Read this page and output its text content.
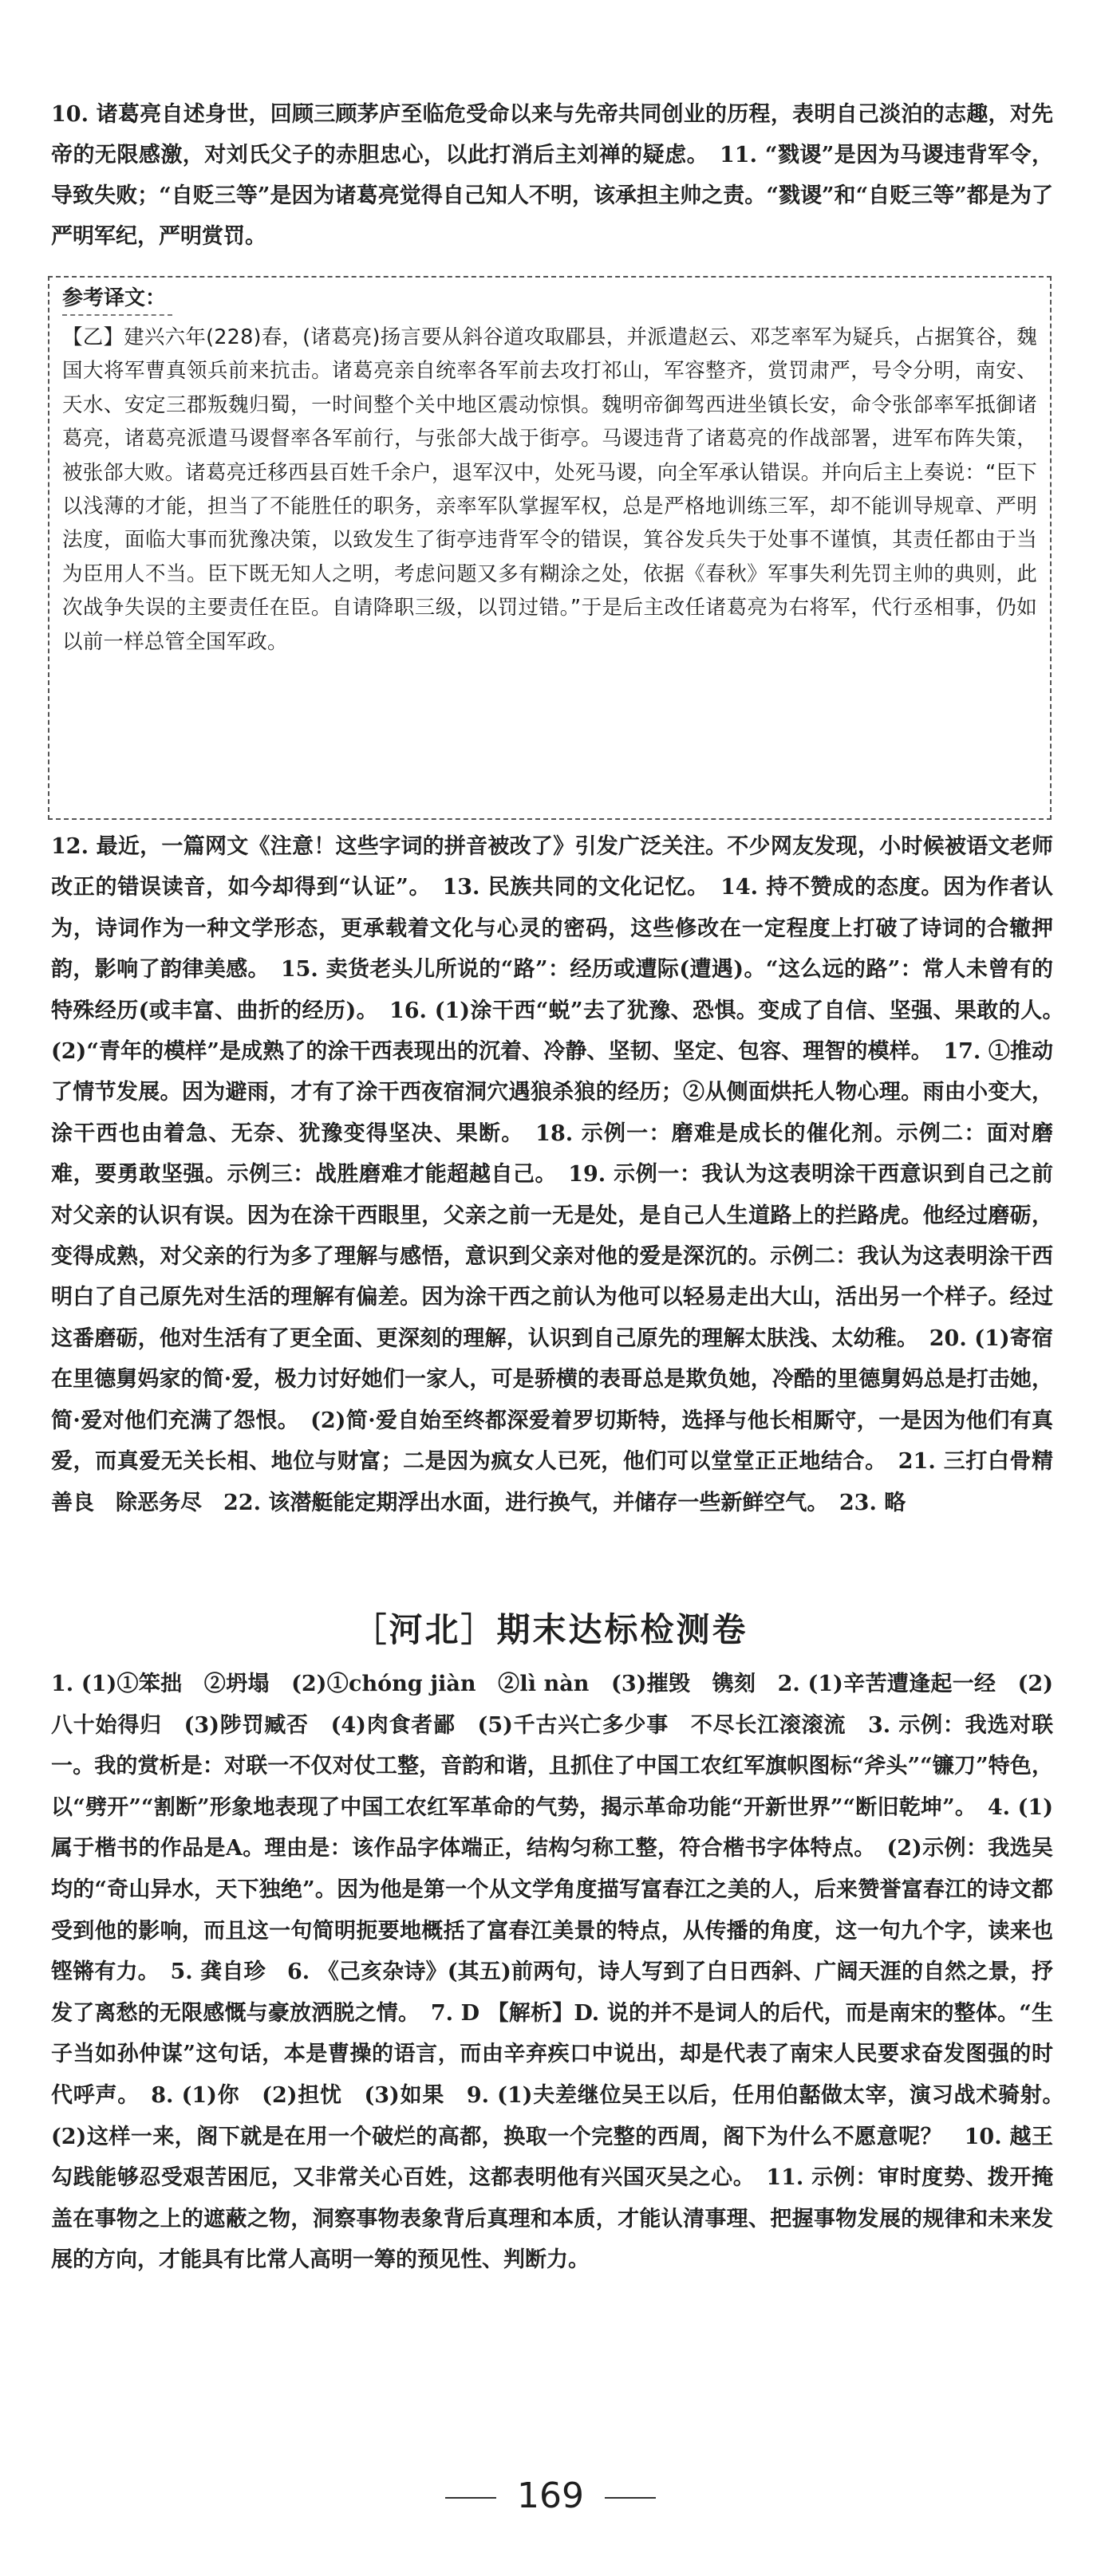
10. 诸葛亮自述身世，回顾三顾茅庐至临危受命以来与先帝共同创业的历程，表明自己淡泊的志趣，对先帝的无限感激，对刘氏父子的赤胆忠心，以此打消后主刘禅的疑虑。　11. “戮谡”是因为马谡违背军令，导致失败；“自贬三等”是因为诸葛亮觉得自己知人不明，该承担主帅之责。“戮谡”和“自贬三等”都是为了严明军纪，严明赏罚。

参考译文：

【乙】建兴六年(228)春，(诸葛亮)扬言要从斜谷道攻取郿县，并派遣赵云、邓芝率军为疑兵，占据箕谷，魏国大将军曹真领兵前来抗击。诸葛亮亲自统率各军前去攻打祁山，军容整齐，赏罚肃严，号令分明，南安、天水、安定三郡叛魏归蜀，一时间整个关中地区震动惊惧。魏明帝御驾西进坐镇长安，命令张郃率军抵御诸葛亮，诸葛亮派遣马谡督率各军前行，与张郃大战于街亭。马谡违背了诸葛亮的作战部署，进军布阵失策，被张郃大败。诸葛亮迁移西县百姓千余户，退军汉中，处死马谡，向全军承认错误。并向后主上奏说：“臣下以浅薄的才能，担当了不能胜任的职务，亲率军队掌握军权，总是严格地训练三军，却不能训导规章、严明法度，面临大事而犹豫决策，以致发生了街亭违背军令的错误，箕谷发兵失于处事不谨慎，其责任都由于当为臣用人不当。臣下既无知人之明，考虑问题又多有糊涂之处，依据《春秋》军事失利先罚主帅的典则，此次战争失误的主要责任在臣。自请降职三级，以罚过错。”于是后主改任诸葛亮为右将军，代行丞相事，仍如以前一样总管全国军政。

12. 最近，一篇网文《注意！这些字词的拼音被改了》引发广泛关注。不少网友发现，小时候被语文老师改正的错误读音，如今却得到“认证”。　13. 民族共同的文化记忆。　14. 持不赞成的态度。因为作者认为，诗词作为一种文学形态，更承载着文化与心灵的密码，这些修改在一定程度上打破了诗词的合辙押韵，影响了韵律美感。　15. 卖货老头儿所说的“路”：经历或遭际(遭遇)。“这么远的路”：常人未曾有的特殊经历(或丰富、曲折的经历)。　16. (1)涂干西“蜕”去了犹豫、恐惧。变成了自信、坚强、果敢的人。　(2)“青年的模样”是成熟了的涂干西表现出的沉着、冷静、坚韧、坚定、包容、理智的模样。　17. ①推动了情节发展。因为避雨，才有了涂干西夜宿洞穴遇狼杀狼的经历；②从侧面烘托人物心理。雨由小变大，涂干西也由着急、无奈、犹豫变得坚决、果断。　18. 示例一：磨难是成长的催化剂。示例二：面对磨难，要勇敢坚强。示例三：战胜磨难才能超越自己。　19. 示例一：我认为这表明涂干西意识到自己之前对父亲的认识有误。因为在涂干西眼里，父亲之前一无是处，是自己人生道路上的拦路虎。他经过磨砺，变得成熟，对父亲的行为多了理解与感悟，意识到父亲对他的爱是深沉的。示例二：我认为这表明涂干西明白了自己原先对生活的理解有偏差。因为涂干西之前认为他可以轻易走出大山，活出另一个样子。经过这番磨砺，他对生活有了更全面、更深刻的理解，认识到自己原先的理解太肤浅、太幼稚。　20. (1)寄宿在里德舅妈家的简·爱，极力讨好她们一家人，可是骄横的表哥总是欺负她，冷酷的里德舅妈总是打击她，简·爱对他们充满了怨恨。　(2)简·爱自始至终都深爱着罗切斯特，选择与他长相厮守，一是因为他们有真爱，而真爱无关长相、地位与财富；二是因为疯女人已死，他们可以堂堂正正地结合。　21. 三打白骨精　善良　除恶务尽　22. 该潜艇能定期浮出水面，进行换气，并储存一些新鲜空气。　23. 略

［河北］期末达标检测卷

1. (1)①笨拙　②坍塌　(2)①chóng jiàn　②lì nàn　(3)摧毁　镌刻　2. (1)辛苦遭逢起一经　(2)八十始得归　(3)陟罚臧否　(4)肉食者鄙　(5)千古兴亡多少事　不尽长江滚滚流　3. 示例：我选对联一。我的赏析是：对联一不仅对仗工整，音韵和谐，且抓住了中国工农红军旗帜图标“斧头”“镰刀”特色，以“劈开”“割断”形象地表现了中国工农红军革命的气势，揭示革命功能“开新世界”“断旧乾坤”。　4. (1)属于楷书的作品是A。理由是：该作品字体端正，结构匀称工整，符合楷书字体特点。　(2)示例：我选吴均的“奇山异水，天下独绝”。因为他是第一个从文学角度描写富春江之美的人，后来赞誉富春江的诗文都受到他的影响，而且这一句简明扼要地概括了富春江美景的特点，从传播的角度，这一句九个字，读来也铿锵有力。　5. 龚自珍　6. 《己亥杂诗》(其五)前两句，诗人写到了白日西斜、广阔天涯的自然之景，抒发了离愁的无限感慨与豪放洒脱之情。　7. D 【解析】D. 说的并不是词人的后代，而是南宋的整体。“生子当如孙仲谋”这句话，本是曹操的语言，而由辛弃疾口中说出，却是代表了南宋人民要求奋发图强的时代呼声。　8. (1)你　(2)担忧　(3)如果　9. (1)夫差继位吴王以后，任用伯嚭做太宰，演习战术骑射。　(2)这样一来，阁下就是在用一个破烂的高都，换取一个完整的西周，阁下为什么不愿意呢？　10. 越王勾践能够忍受艰苦困厄，又非常关心百姓，这都表明他有兴国灭吴之心。　11. 示例：审时度势、拨开掩盖在事物之上的遮蔽之物，洞察事物表象背后真理和本质，才能认清事理、把握事物发展的规律和未来发展的方向，才能具有比常人高明一筹的预见性、判断力。

169
